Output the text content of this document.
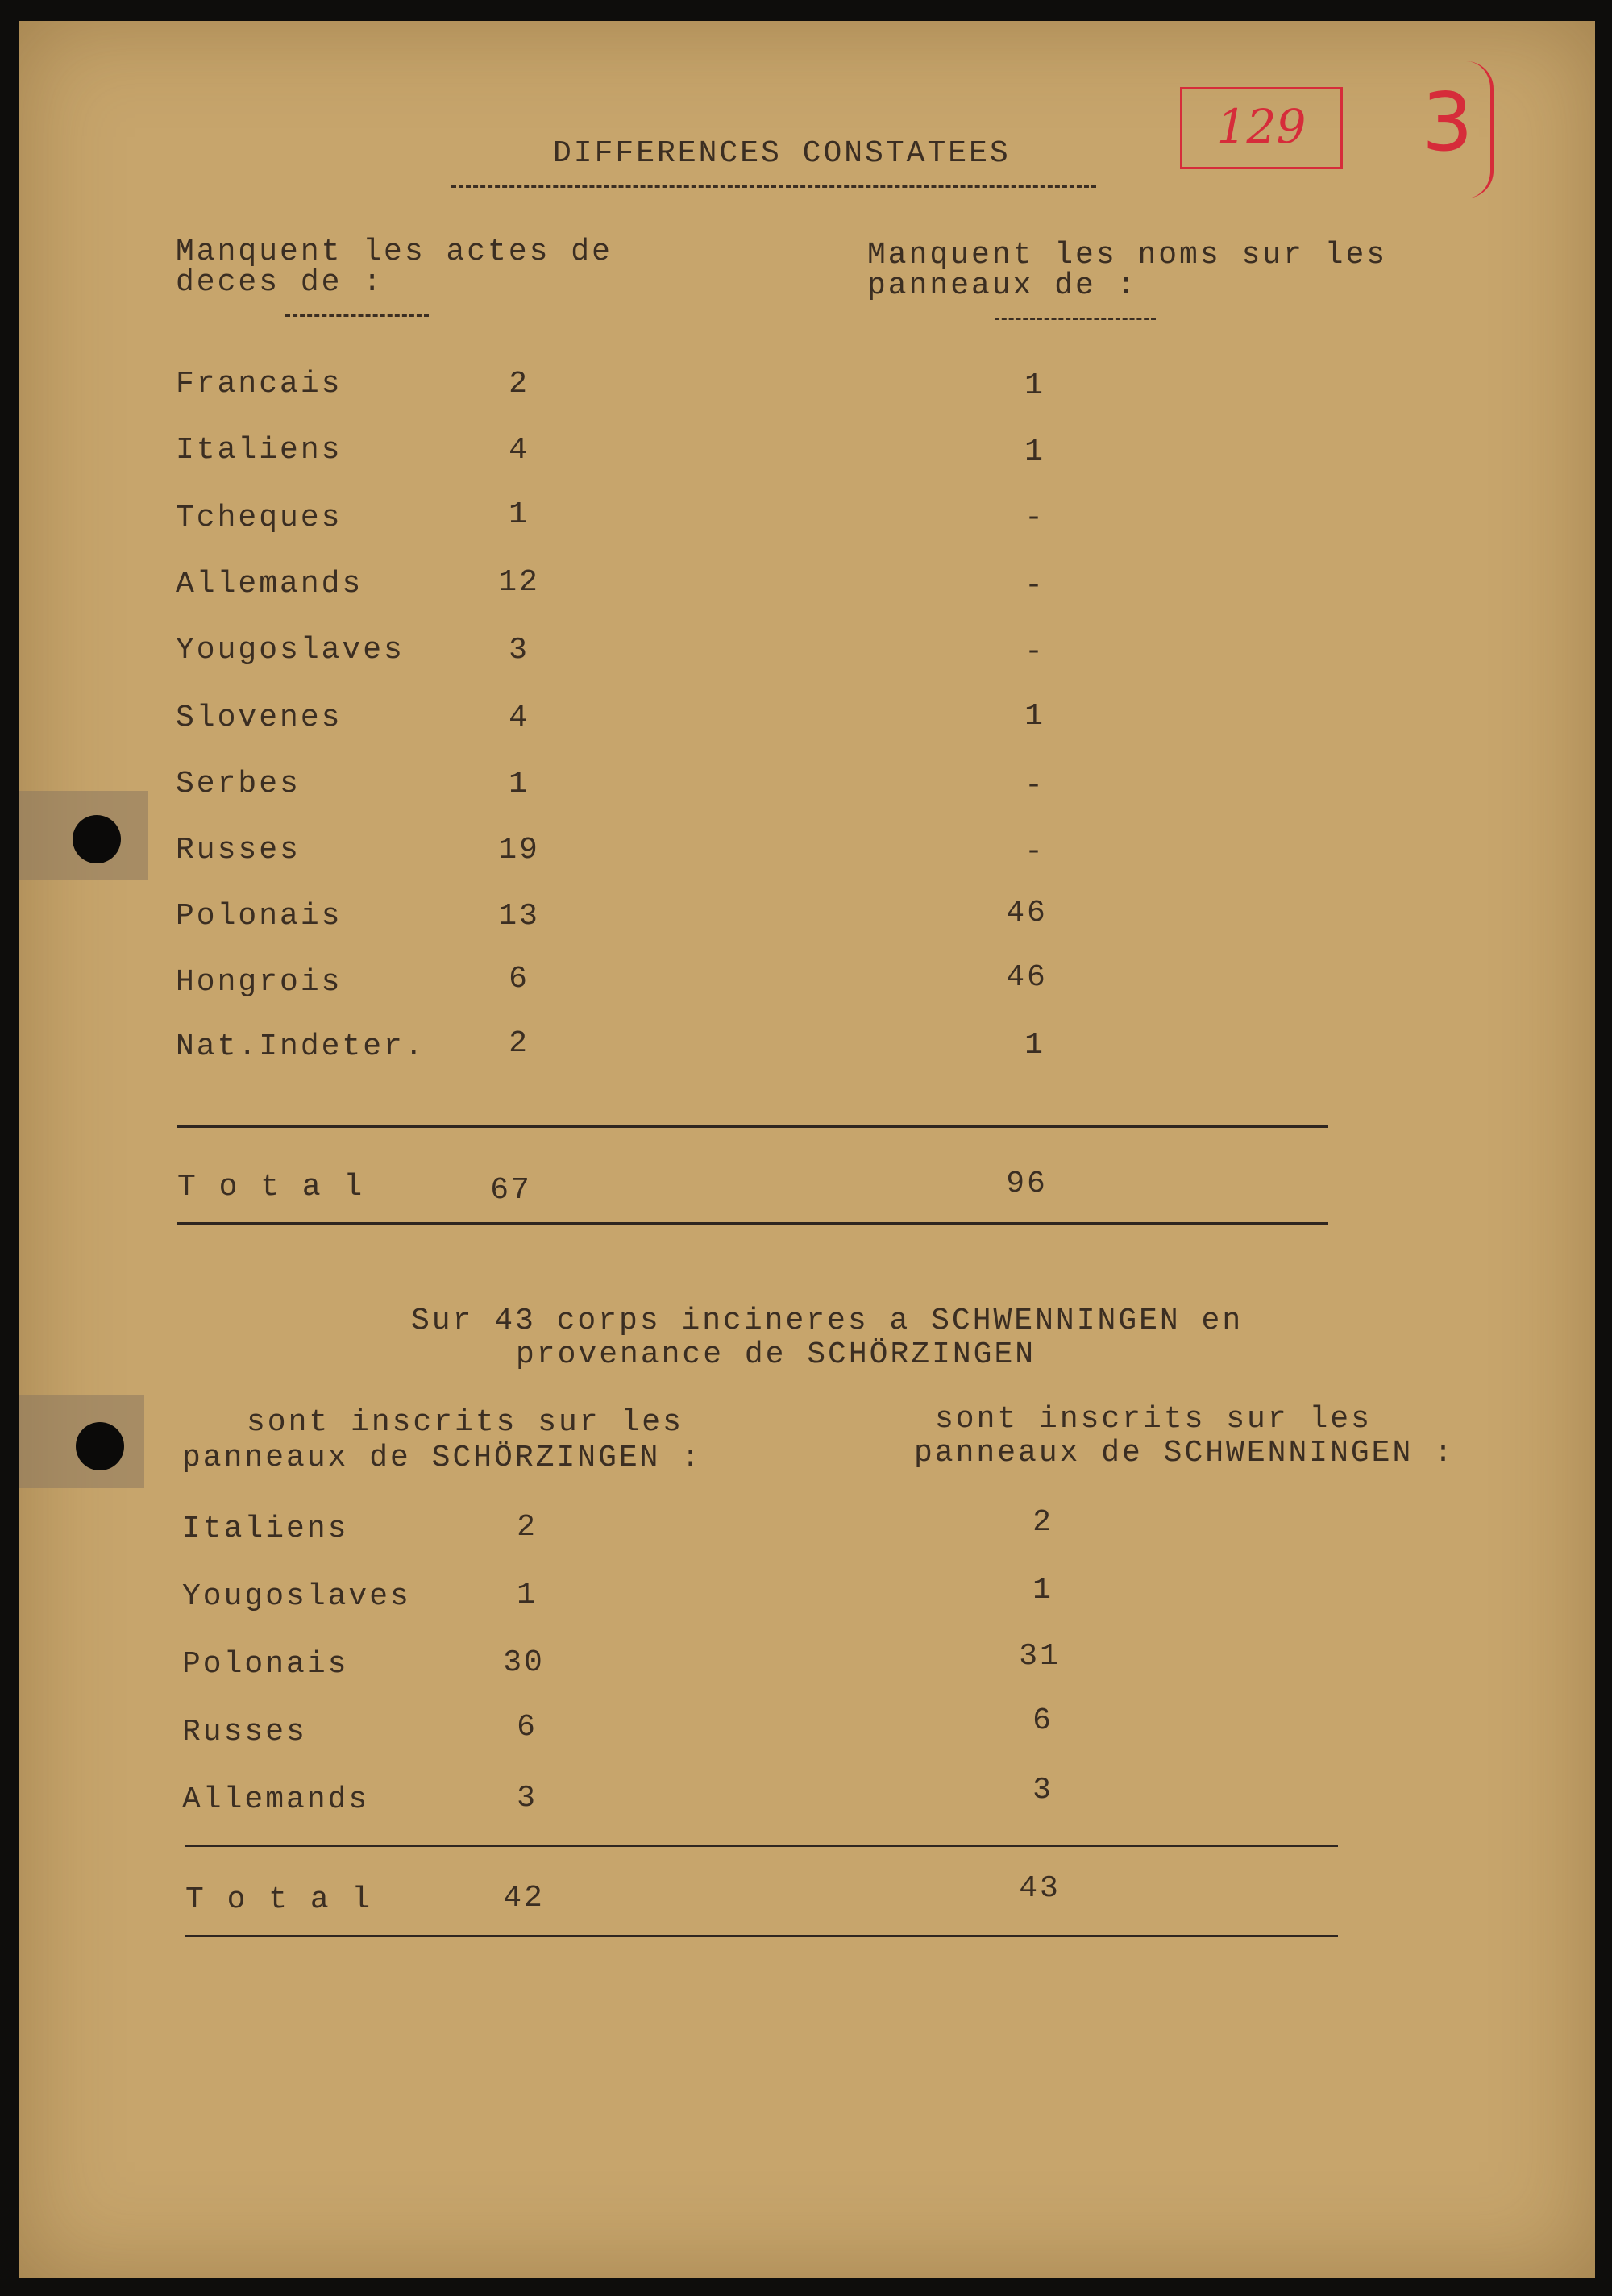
129	3
DIFFERENCES CONSTATEES
Manquent les actes de
deces de :
Manquent les noms sur les
panneaux de :
Francais	2	1
Italiens	4	1
Tcheques	1	-
Allemands	12	-
Yougoslaves	3	-
Slovenes	4	1
Serbes	1	-
Russes	19	-
Polonais	13	46
Hongrois	6	46
Nat.Indeter.	2	1
T o t a l	67	96
Sur 43 corps incineres a SCHWENNINGEN en
provenance de SCHÖRZINGEN
sont inscrits sur les
panneaux de SCHÖRZINGEN :
sont inscrits sur les
panneaux de SCHWENNINGEN :
Italiens	2	2
Yougoslaves	1	1
Polonais	30	31
Russes	6	6
Allemands	3	3
T o t a l	42	43
